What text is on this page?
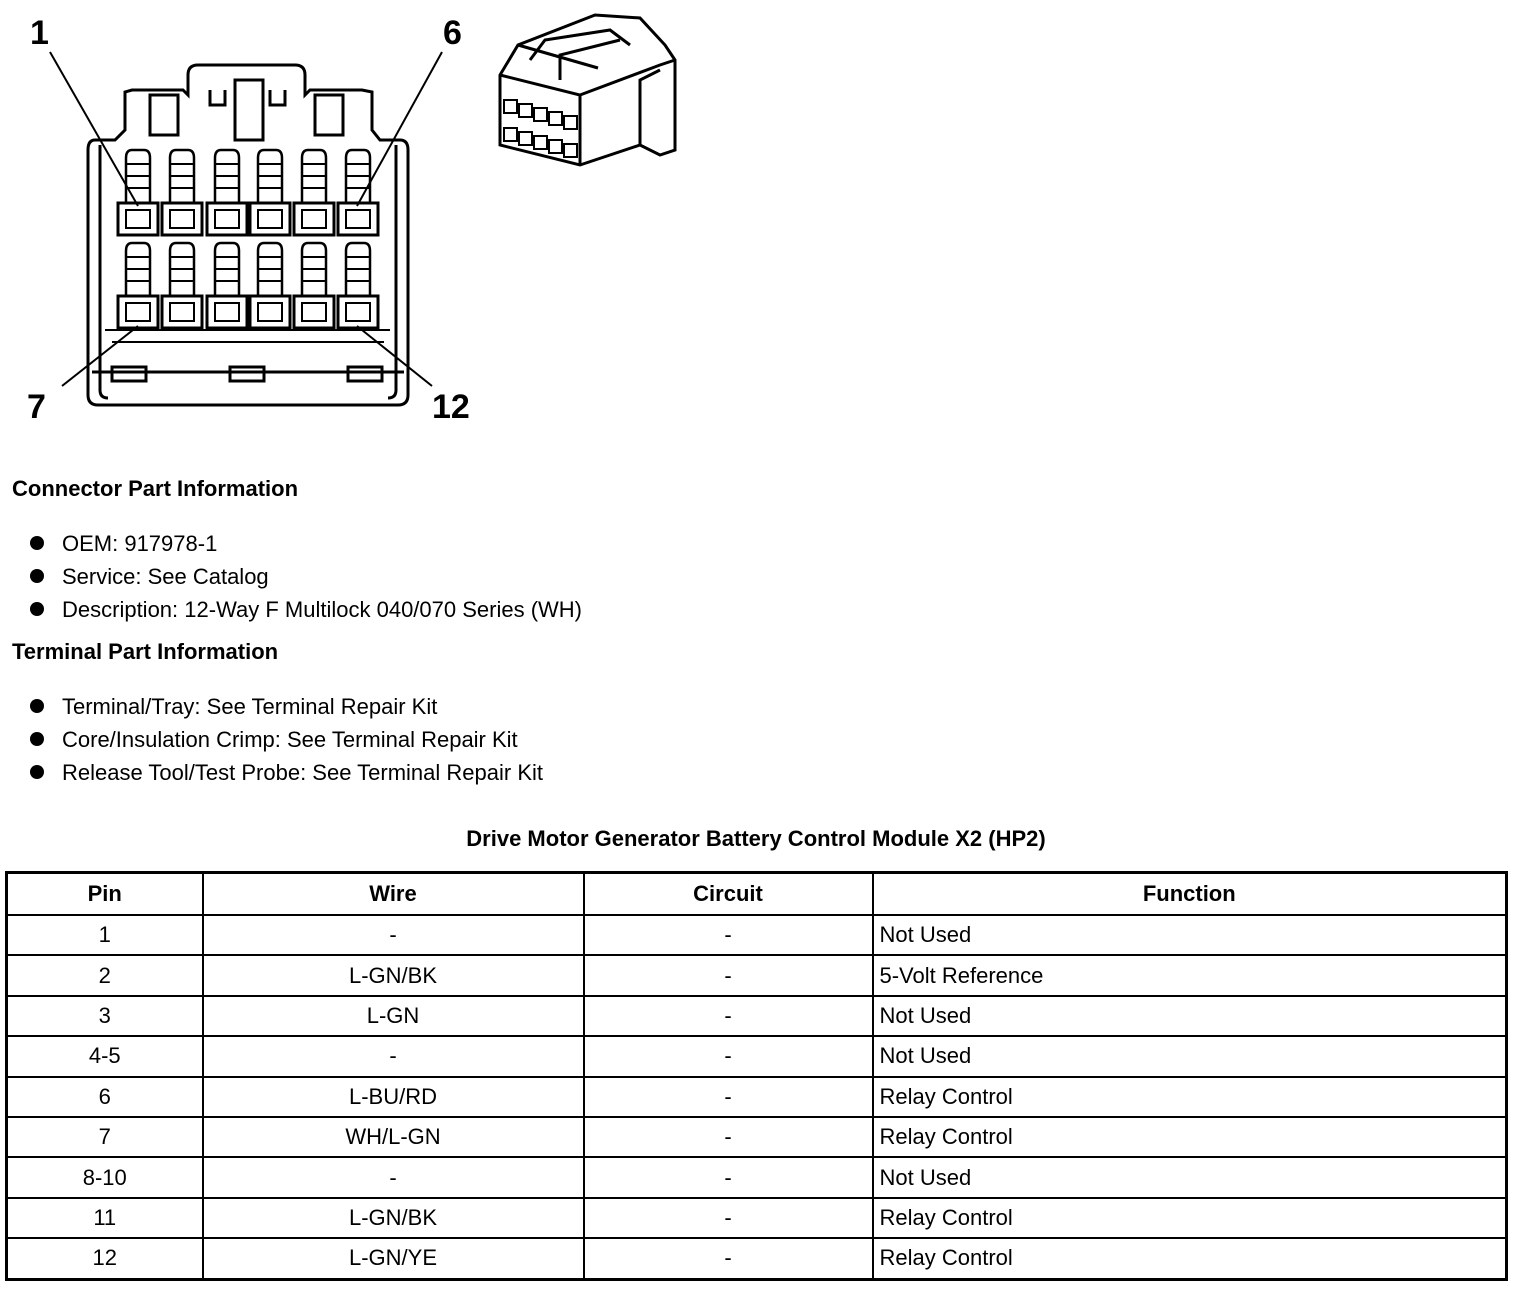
1	6
7	12
Connector Part Information
OEM: 917978-1
Service: See Catalog
Description: 12-Way F Multilock 040/070 Series (WH)
Terminal Part Information
Terminal/Tray: See Terminal Repair Kit
Core/Insulation Crimp: See Terminal Repair Kit
Release Tool/Test Probe: See Terminal Repair Kit
Drive Motor Generator Battery Control Module X2 (HP2)
Pin	Wire	Circuit	Function
1	-	-	Not Used
2	L-GN/BK	-	5-Volt Reference
3	L-GN	-	Not Used
4-5	-	-	Not Used
6	L-BU/RD	-	Relay Control
7	WH/L-GN	-	Relay Control
8-10	-	-	Not Used
11	L-GN/BK	-	Relay Control
12	L-GN/YE	-	Relay Control
